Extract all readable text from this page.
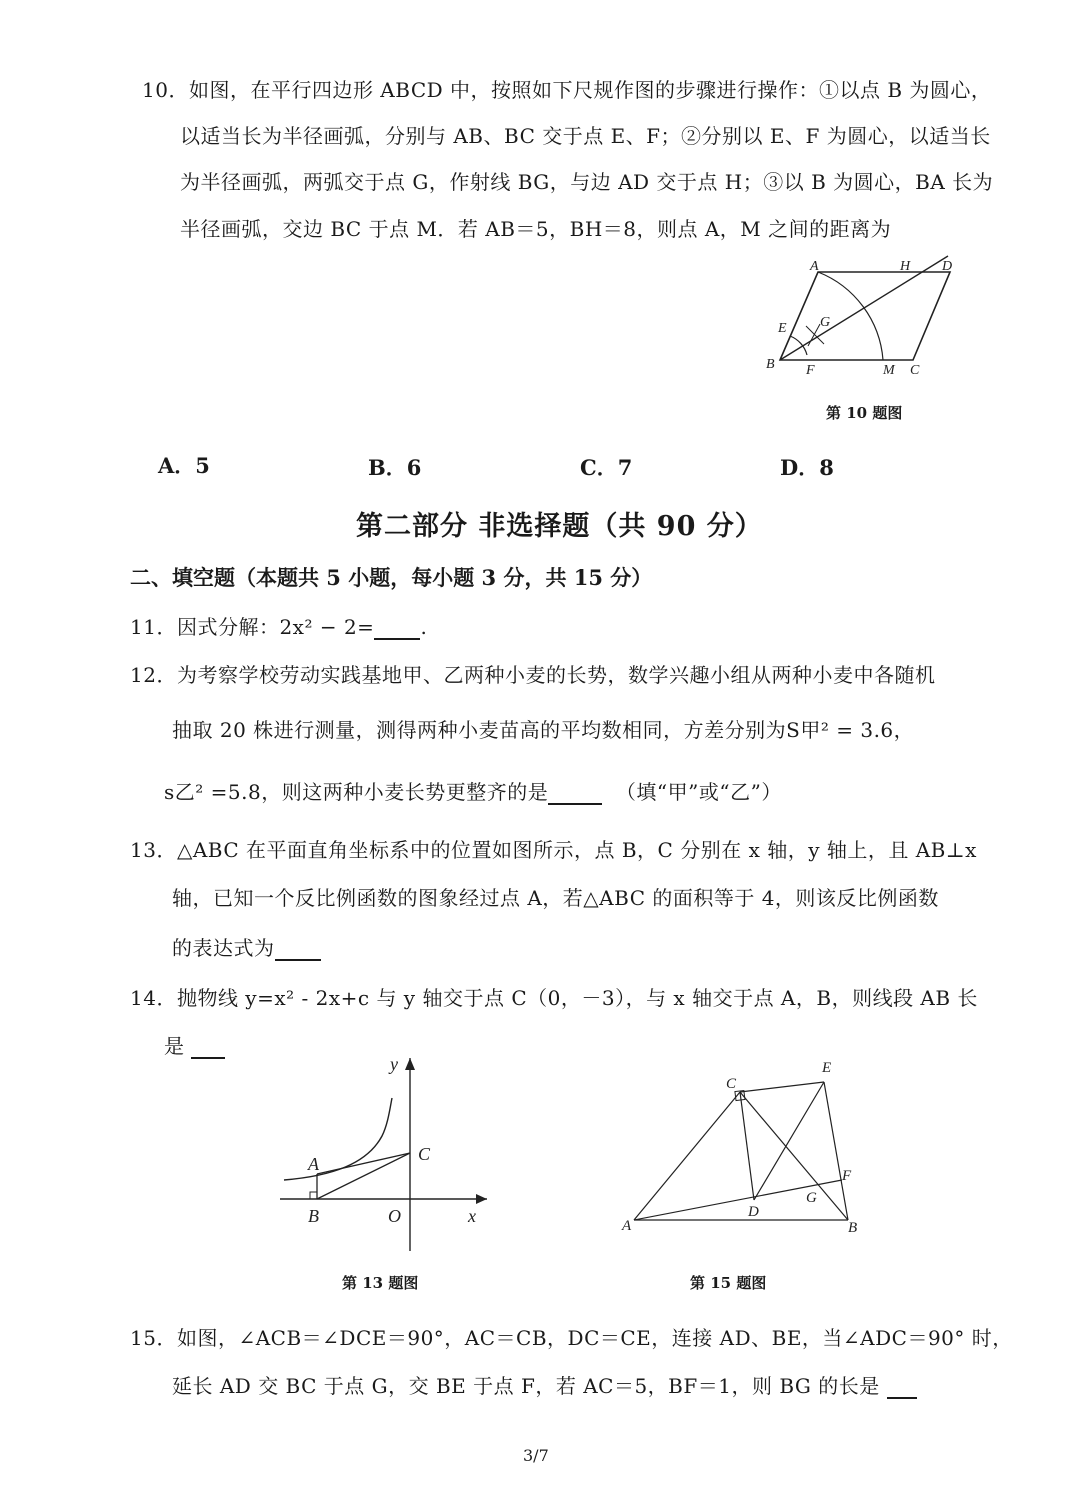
10．如图，在平行四边形 ABCD 中，按照如下尺规作图的步骤进行操作：①以点 B 为圆心，
以适当长为半径画弧，分别与 AB、BC 交于点 E、F；②分别以 E、F 为圆心，以适当长
为半径画弧，两弧交于点 G，作射线 BG，与边 AD 交于点 H；③以 B 为圆心，BA 长为
半径画弧，交边 BC 于点 M．若 AB＝5，BH＝8，则点 A，M 之间的距离为
A	H D
E G
B F	M C
第 10 题图
A．5	B．6	C．7	D．8
第二部分 非选择题（共 90 分）
二、填空题（本题共 5 小题，每小题 3 分，共 15 分）
11．因式分解：2x² − 2= .
12．为考察学校劳动实践基地甲、乙两种小麦的长势，数学兴趣小组从两种小麦中各随机
抽取 20 株进行测量，测得两种小麦苗高的平均数相同，方差分别为S甲² = 3.6，
s乙² =5.8，则这两种小麦长势更整齐的是	（填“甲”或“乙”）
13．△ABC 在平面直角坐标系中的位置如图所示，点 B，C 分别在 x 轴，y 轴上，且 AB⊥x
轴，已知一个反比例函数的图象经过点 A，若△ABC 的面积等于 4，则该反比例函数
的表达式为
14．抛物线 y=x² - 2x+c 与 y 轴交于点 C（0，－3），与 x 轴交于点 A，B，则线段 AB 长
是
y
A	C
B	O	x
第 13 题图
C
E
F
G
D
A	B
第 15 题图
15．如图，∠ACB＝∠DCE＝90°，AC＝CB，DC＝CE，连接 AD、BE，当∠ADC＝90° 时，
延长 AD 交 BC 于点 G，交 BE 于点 F，若 AC＝5，BF＝1，则 BG 的长是
3/7
